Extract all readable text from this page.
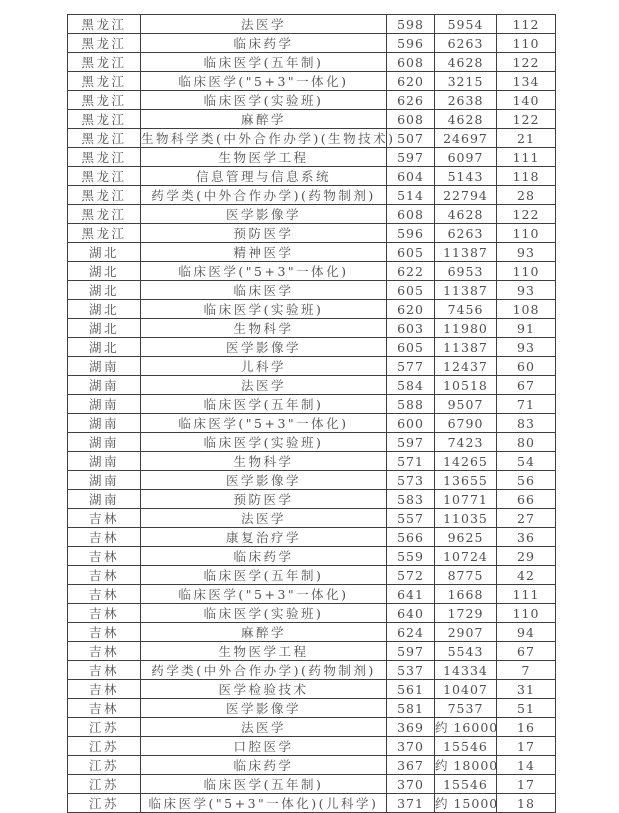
黑龙江	法医学	598	5954	112
黑龙江	临床药学	596	6263	110
黑龙江	临床医学(五年制)	608	4628	122
黑龙江	临床医学("5+3"一体化)	620	3215	134
黑龙江	临床医学(实验班)	626	2638	140
黑龙江	麻醉学	608	4628	122
黑龙江	生物科学类(中外合作办学)(生物技术)	507	24697	21
黑龙江	生物医学工程	597	6097	111
黑龙江	信息管理与信息系统	604	5143	118
黑龙江	药学类(中外合作办学)(药物制剂)	514	22794	28
黑龙江	医学影像学	608	4628	122
黑龙江	预防医学	596	6263	110
湖北	精神医学	605	11387	93
湖北	临床医学("5+3"一体化)	622	6953	110
湖北	临床医学	605	11387	93
湖北	临床医学(实验班)	620	7456	108
湖北	生物科学	603	11980	91
湖北	医学影像学	605	11387	93
湖南	儿科学	577	12437	60
湖南	法医学	584	10518	67
湖南	临床医学(五年制)	588	9507	71
湖南	临床医学("5+3"一体化)	600	6790	83
湖南	临床医学(实验班)	597	7423	80
湖南	生物科学	571	14265	54
湖南	医学影像学	573	13655	56
湖南	预防医学	583	10771	66
吉林	法医学	557	11035	27
吉林	康复治疗学	566	9625	36
吉林	临床药学	559	10724	29
吉林	临床医学(五年制)	572	8775	42
吉林	临床医学("5+3"一体化)	641	1668	111
吉林	临床医学(实验班)	640	1729	110
吉林	麻醉学	624	2907	94
吉林	生物医学工程	597	5543	67
吉林	药学类(中外合作办学)(药物制剂)	537	14334	7
吉林	医学检验技术	561	10407	31
吉林	医学影像学	581	7537	51
江苏	法医学	369	约 16000	16
江苏	口腔医学	370	15546	17
江苏	临床药学	367	约 18000	14
江苏	临床医学(五年制)	370	15546	17
江苏	临床医学("5+3"一体化)(儿科学)	371	约 15000	18
